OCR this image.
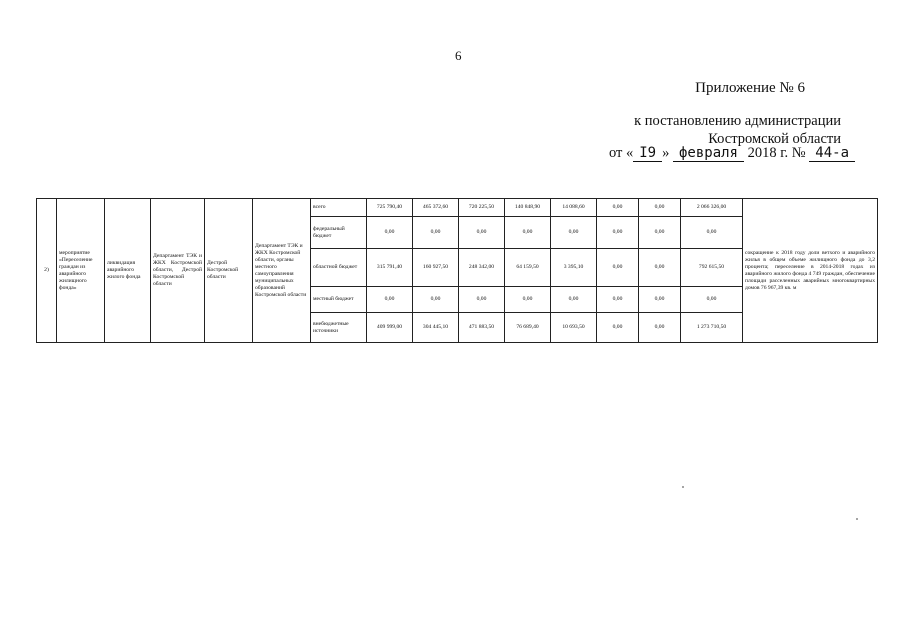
6
Приложение № 6
к постановлению администрации
Костромской области
от « I9 » февраля 2018 г. № 44-а
2)	мероприятие «Переселение граждан из аварийного жилищного фонда»	ликвидация аварийного жилого фонда	Департамент ТЭК и ЖКХ Костромской области, Дестрой Костромской области	Дестрой Костромской области	Департамент ТЭК и ЖКХ Костромской области, органы местного самоуправления муниципальных образований Костромской области	всего	725 790,40	465 372,60	720 225,50	140 848,90	14 088,60	0,00	0,00	2 066 326,00	сокращение к 2018 году доли ветхого и аварийного жилья в общем объеме жилищного фонда до 3,2 процента; переселение в 2014-2018 годах из аварийного жилого фонда 4 749 граждан, обеспечение площади расселенных аварийных многоквартирных домов 76 967,39 кв. м
						федеральный бюджет	0,00	0,00	0,00	0,00	0,00	0,00	0,00	0,00	
						областной бюджет	315 791,40	160 927,50	248 342,00	64 159,50	3 395,10	0,00	0,00	792 615,50	
						местный бюджет	0,00	0,00	0,00	0,00	0,00	0,00	0,00	0,00	
						внебюджетные источники	409 999,00	304 445,10	471 883,50	76 689,40	10 693,50	0,00	0,00	1 273 710,50	
